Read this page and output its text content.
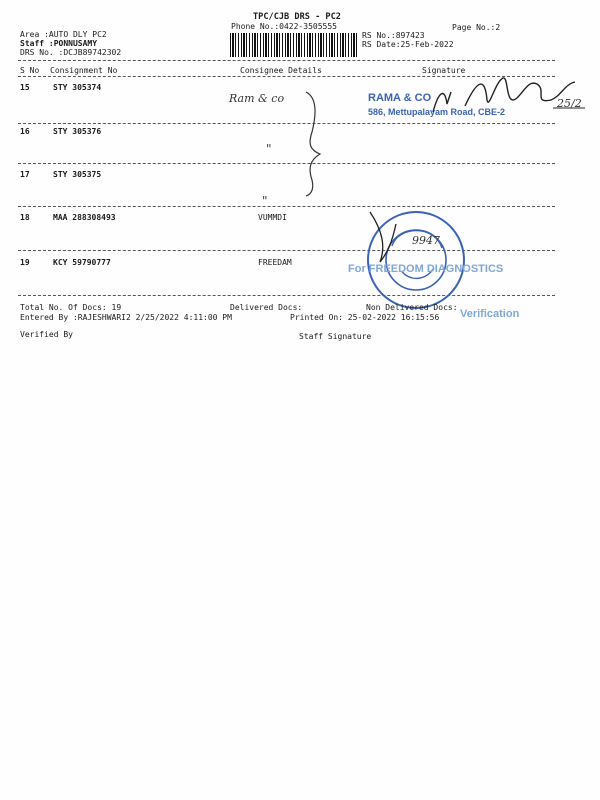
TPC/CJB DRS - PC2
Phone No.:0422-3505555	Page No.:2
Area :AUTO DLY PC2
Staff :PONNUSAMY
DRS No. :DCJB89742302
RS No.:897423
RS Date:25-Feb-2022
S No Consignment No	Consignee Details	Signature
15	STY 305374
16	STY 305376
17	STY 305375
18	MAA 288308493	VUMMDI
19	KCY 59790777	FREEDAM
Ram & co
"
"
RAMA & CO
586, Mettupalayam Road, CBE-2
25/2
9947
For FREEDOM DIAGNOSTICS
Total No. Of Docs: 19	Delivered Docs:	Non Delivered Docs:
Entered By :RAJESHWARI2 2/25/2022 4:11:00 PM	Printed On: 25-02-2022 16:15:56 Verification
Verified By	Staff Signature
